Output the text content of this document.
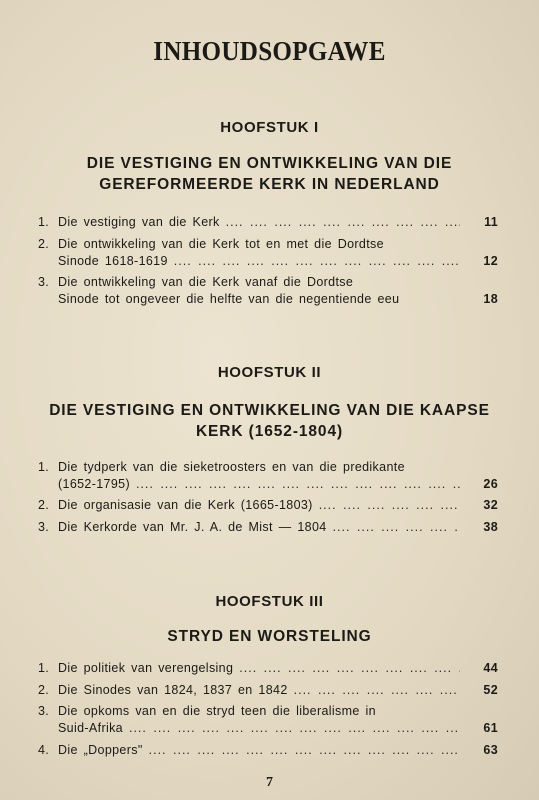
INHOUDSOPGAWE
HOOFSTUK I
DIE VESTIGING EN ONTWIKKELING VAN DIE
GEREFORMEERDE KERK IN NEDERLAND
1. Die vestiging van die Kerk ....	11
2. Die ontwikkeling van die Kerk tot en met die Dordtse
Sinode 1618-1619 ....	12
3. Die ontwikkeling van die Kerk vanaf die Dordtse
Sinode tot ongeveer die helfte van die negentiende eeu	18
HOOFSTUK II
DIE VESTIGING EN ONTWIKKELING VAN DIE KAAPSE
KERK (1652-1804)
1. Die tydperk van die sieketroosters en van die predikante
(1652-1795) ....	26
2. Die organisasie van die Kerk (1665-1803) ....	32
3. Die Kerkorde van Mr. J. A. de Mist — 1804 ....	38
HOOFSTUK III
STRYD EN WORSTELING
1. Die politiek van verengelsing ....	44
2. Die Sinodes van 1824, 1837 en 1842 ....	52
3. Die opkoms van en die stryd teen die liberalisme in
Suid-Afrika ....	61
4. Die „Doppers" ....	63
7
